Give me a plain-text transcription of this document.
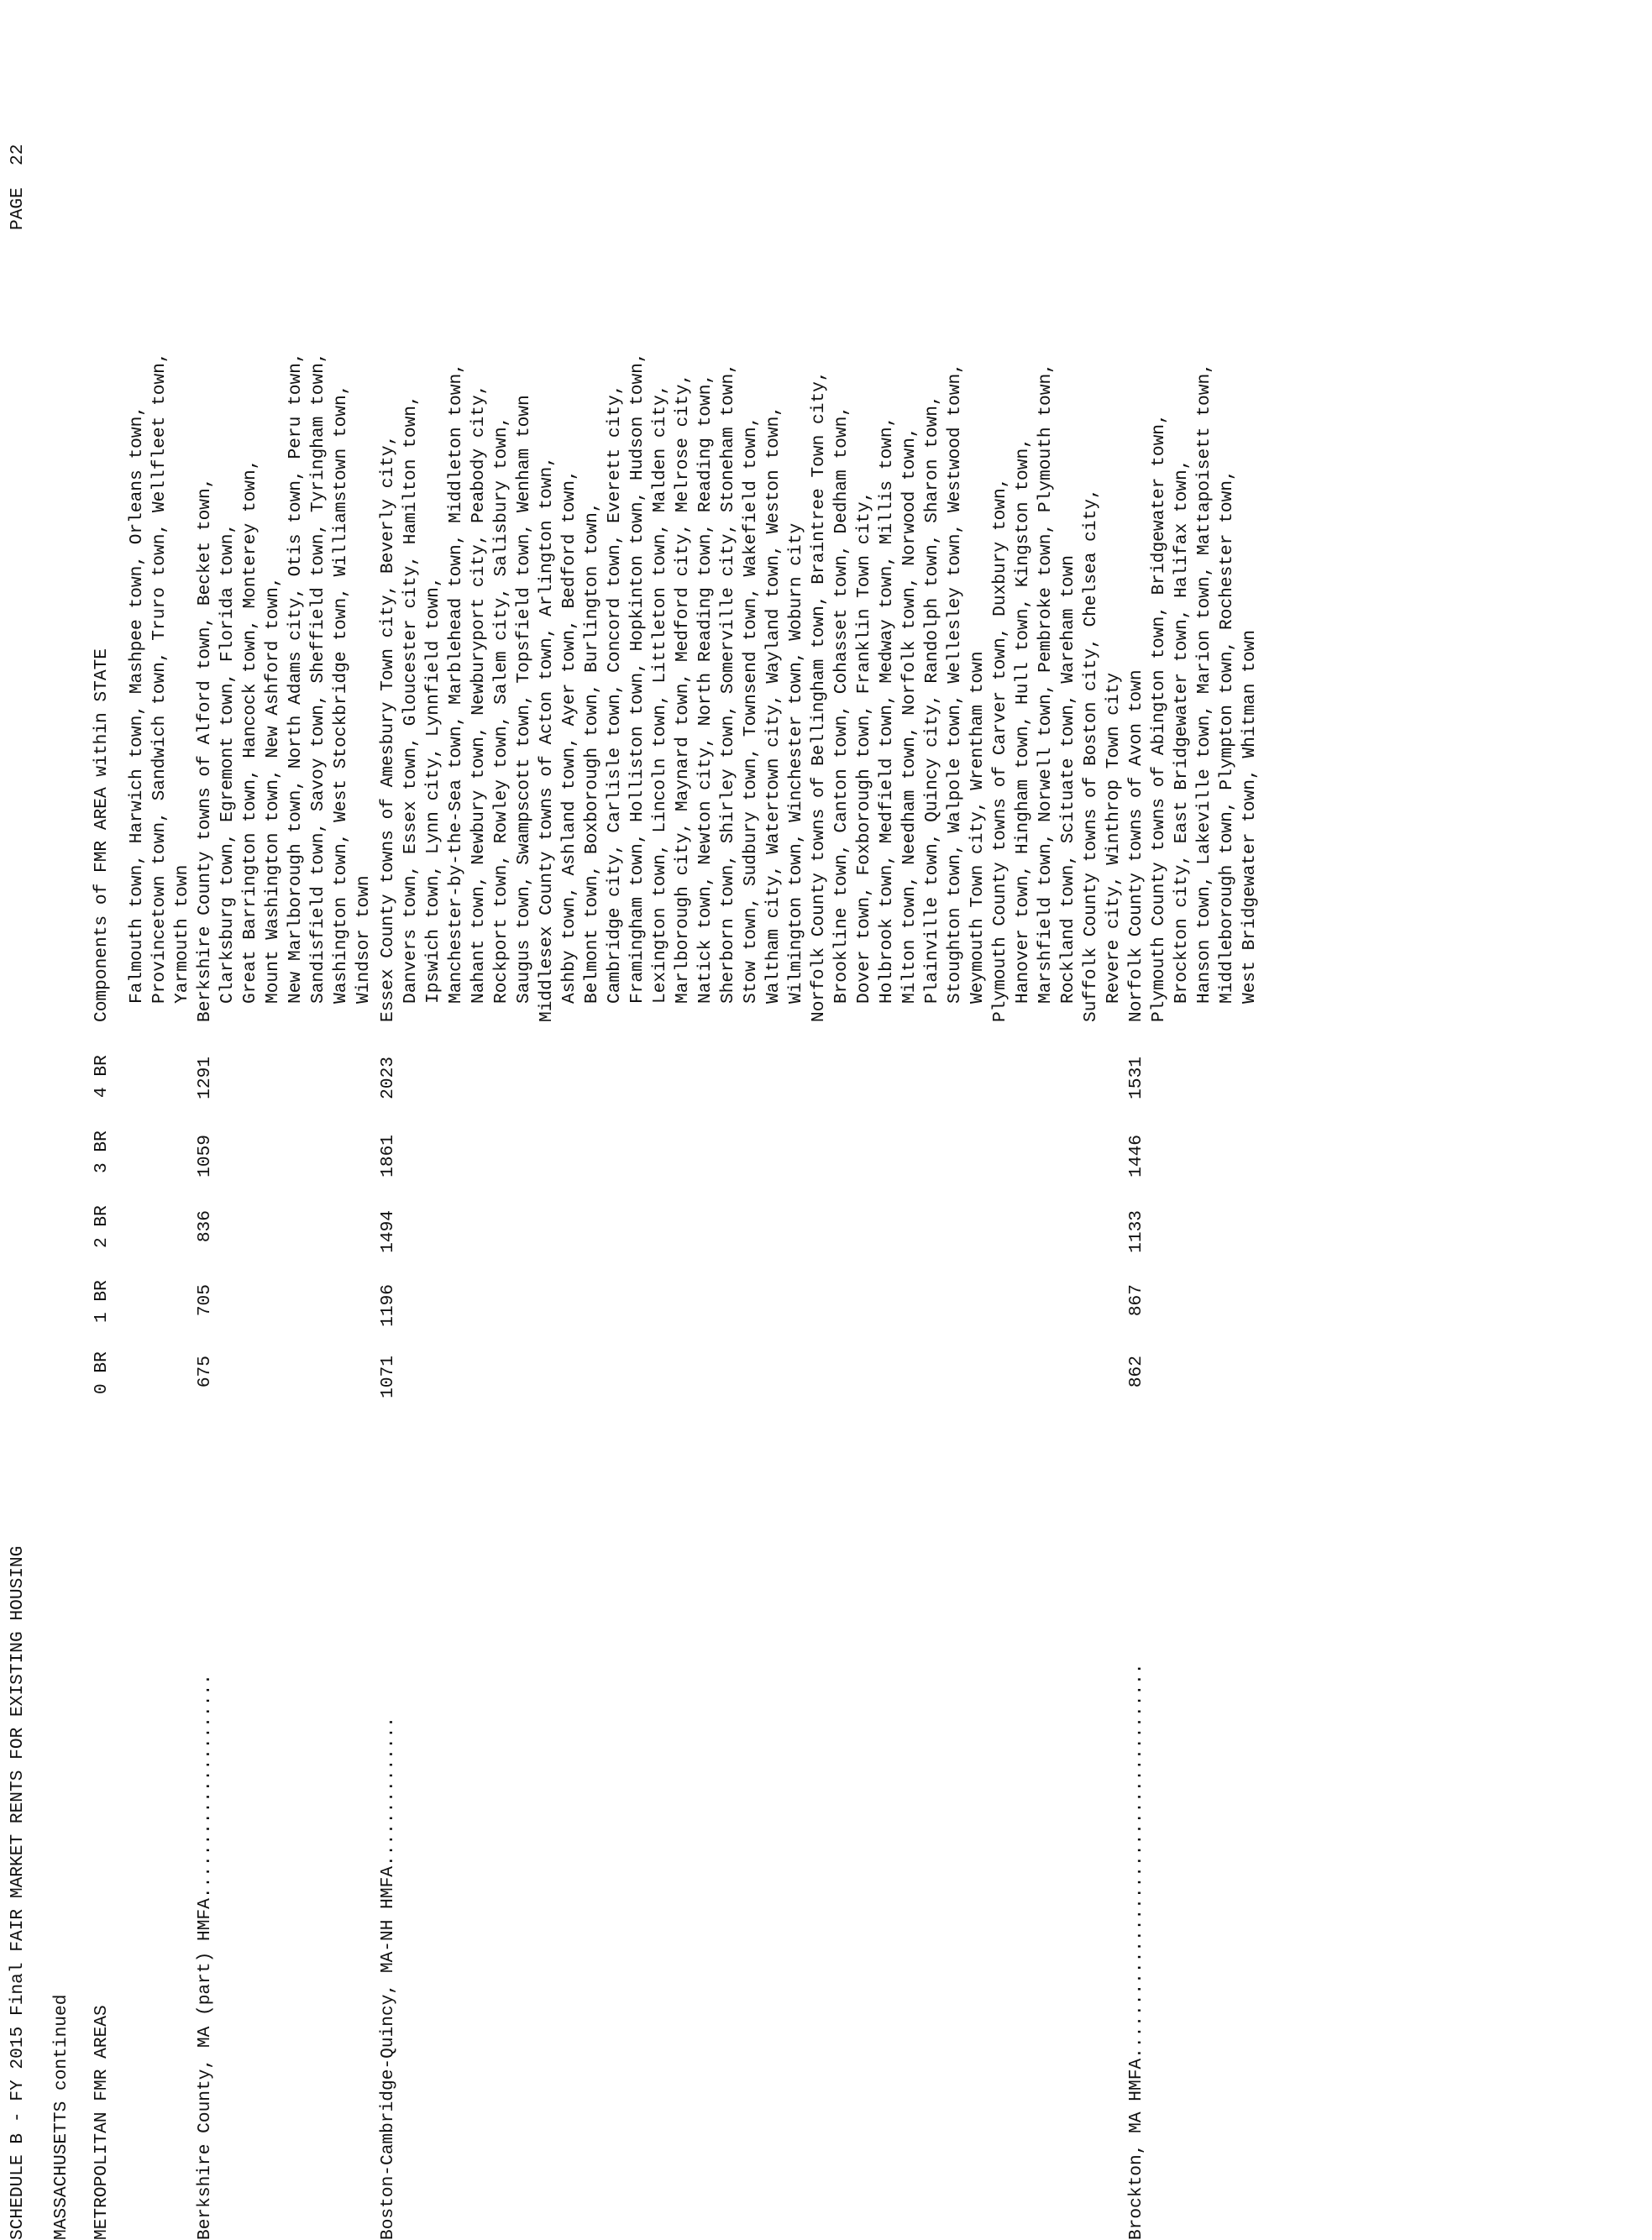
SCHEDULE B - FY 2015 Final FAIR MARKET RENTS FOR EXISTING HOUSING

PAGE

22

MASSACHUSETTS continued

METROPOLITAN FMR AREAS

0 BR

1 BR

2 BR

3 BR

4 BR

Components of FMR AREA within STATE

Falmouth town, Harwich town, Mashpee town, Orleans town,

Provincetown town, Sandwich town, Truro town, Wellfleet town,

Yarmouth town

Berkshire County, MA (part) HMFA.....................

675

705

836

1059

1291

Berkshire County towns of Alford town, Becket town,

Clarksburg town, Egremont town, Florida town,

Great Barrington town, Hancock town, Monterey town,

Mount Washington town, New Ashford town,

New Marlborough town, North Adams city, Otis town, Peru town,

Sandisfield town, Savoy town, Sheffield town, Tyringham town,

Washington town, West Stockbridge town, Williamstown town,

Windsor town

Boston-Cambridge-Quincy, MA-NH HMFA..............

1071

1196

1494

1861

2023

Essex County towns of Amesbury Town city, Beverly city,

Danvers town, Essex town, Gloucester city, Hamilton town,

Ipswich town, Lynn city, Lynnfield town,

Manchester-by-the-Sea town, Marblehead town, Middleton town,

Nahant town, Newbury town, Newburyport city, Peabody city,

Rockport town, Rowley town, Salem city, Salisbury town,

Saugus town, Swampscott town, Topsfield town, Wenham town

Middlesex County towns of Acton town, Arlington town,

Ashby town, Ashland town, Ayer town, Bedford town,

Belmont town, Boxborough town, Burlington town,

Cambridge city, Carlisle town, Concord town, Everett city,

Framingham town, Holliston town, Hopkinton town, Hudson town,

Lexington town, Lincoln town, Littleton town, Malden city,

Marlborough city, Maynard town, Medford city, Melrose city,

Natick town, Newton city, North Reading town, Reading town,

Sherborn town, Shirley town, Somerville city, Stoneham town,

Stow town, Sudbury town, Townsend town, Wakefield town,

Waltham city, Watertown city, Wayland town, Weston town,

Wilmington town, Winchester town, Woburn city

Norfolk County towns of Bellingham town, Braintree Town city,

Brookline town, Canton town, Cohasset town, Dedham town,

Dover town, Foxborough town, Franklin Town city,

Holbrook town, Medfield town, Medway town, Millis town,

Milton town, Needham town, Norfolk town, Norwood town,

Plainville town, Quincy city, Randolph town, Sharon town,

Stoughton town, Walpole town, Wellesley town, Westwood town,

Weymouth Town city, Wrentham town

Plymouth County towns of Carver town, Duxbury town,

Hanover town, Hingham town, Hull town, Kingston town,

Marshfield town, Norwell town, Pembroke town, Plymouth town,

Rockland town, Scituate town, Wareham town

Suffolk County towns of Boston city, Chelsea city,

Revere city, Winthrop Town city

Brockton, MA HMFA.....................................

862

867

1133

1446

1531

Norfolk County towns of Avon town

Plymouth County towns of Abington town, Bridgewater town,

Brockton city, East Bridgewater town, Halifax town,

Hanson town, Lakeville town, Marion town, Mattapoisett town,

Middleborough town, Plympton town, Rochester town,

West Bridgewater town, Whitman town
